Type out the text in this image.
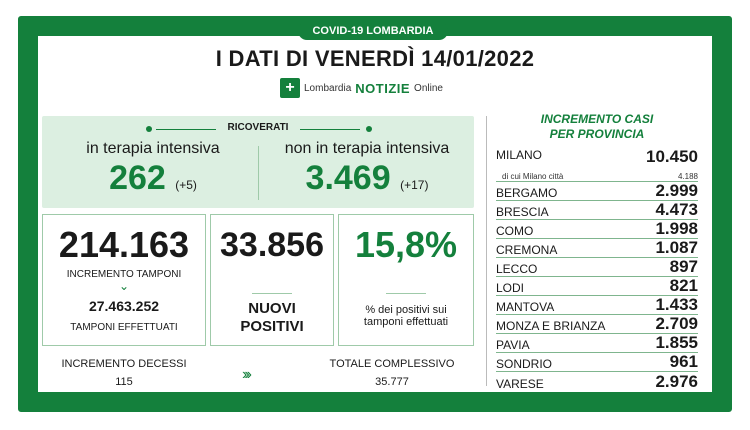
COVID-19 LOMBARDIA
I DATI DI VENERDÌ 14/01/2022
+ Lombardia NOTIZIE Online
RICOVERATI
in terapia intensiva
262 (+5)
non in terapia intensiva
3.469 (+17)
214.163
INCREMENTO TAMPONI
⌄
27.463.252
TAMPONI EFFETTUATI
33.856
NUOVI
POSITIVI
15,8%
% dei positivi sui
tamponi effettuati
INCREMENTO DECESSI
115	›››
TOTALE COMPLESSIVO
35.777
INCREMENTO CASI
PER PROVINCIA
MILANO	10.450
di cui Milano città	4.188
BERGAMO	2.999
BRESCIA	4.473
COMO	1.998
CREMONA	1.087
LECCO	897
LODI	821
MANTOVA	1.433
MONZA E BRIANZA	2.709
PAVIA	1.855
SONDRIO	961
VARESE	2.976
